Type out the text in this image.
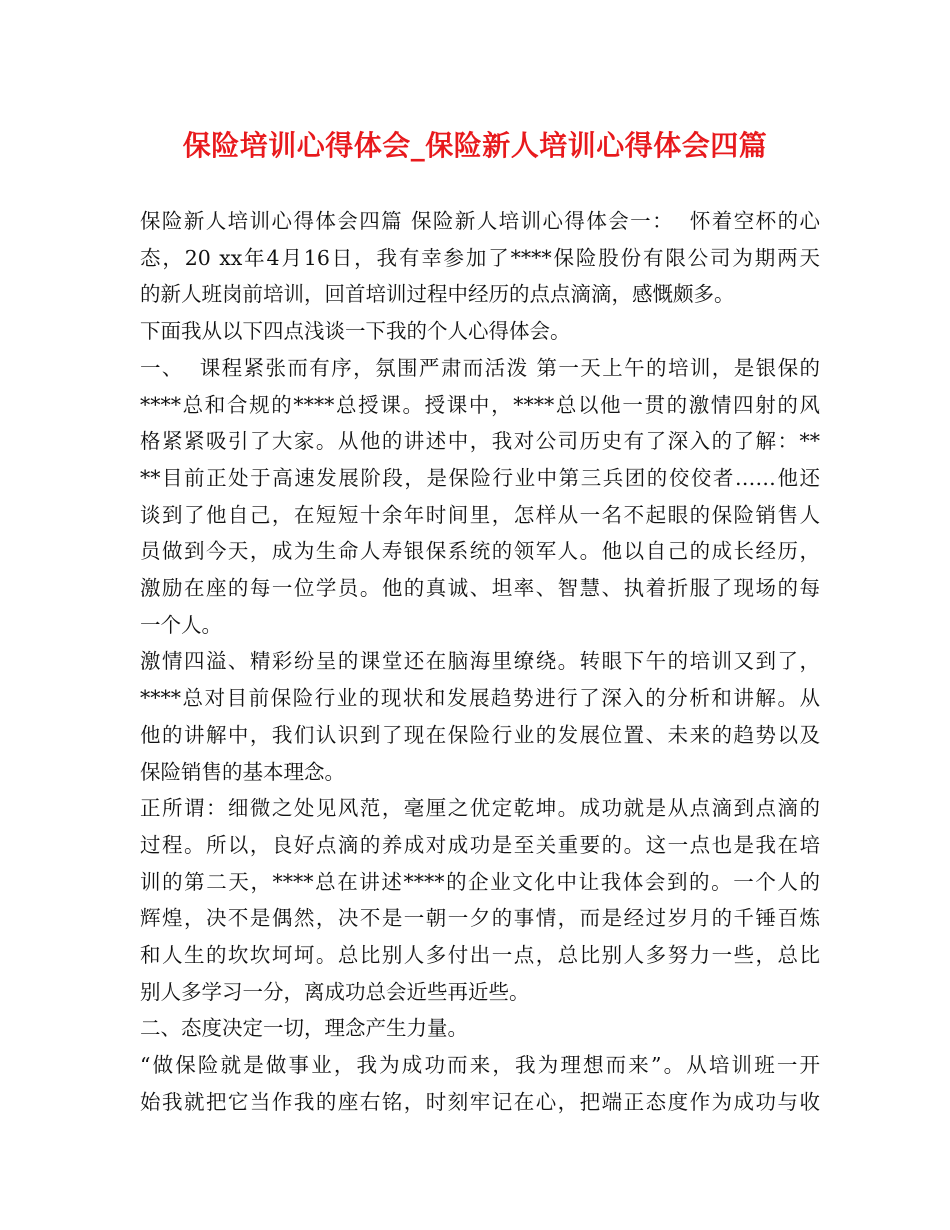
保险培训心得体会_保险新人培训心得体会四篇
保险新人培训心得体会四篇 保险新人培训心得体会一：  怀着空杯的心
态，20 xx年4月16日，我有幸参加了****保险股份有限公司为期两天
的新人班岗前培训，回首培训过程中经历的点点滴滴，感慨颇多。
下面我从以下四点浅谈一下我的个人心得体会。
一、  课程紧张而有序，氛围严肃而活泼 第一天上午的培训，是银保的
****总和合规的****总授课。授课中，****总以他一贯的激情四射的风
格紧紧吸引了大家。从他的讲述中，我对公司历史有了深入的了解：**
**目前正处于高速发展阶段，是保险行业中第三兵团的佼佼者……他还
谈到了他自己，在短短十余年时间里，怎样从一名不起眼的保险销售人
员做到今天，成为生命人寿银保系统的领军人。他以自己的成长经历，
激励在座的每一位学员。他的真诚、坦率、智慧、执着折服了现场的每
一个人。
激情四溢、精彩纷呈的课堂还在脑海里缭绕。转眼下午的培训又到了，
****总对目前保险行业的现状和发展趋势进行了深入的分析和讲解。从
他的讲解中，我们认识到了现在保险行业的发展位置、未来的趋势以及
保险销售的基本理念。
正所谓：细微之处见风范，毫厘之优定乾坤。成功就是从点滴到点滴的
过程。所以，良好点滴的养成对成功是至关重要的。这一点也是我在培
训的第二天，****总在讲述****的企业文化中让我体会到的。一个人的
辉煌，决不是偶然，决不是一朝一夕的事情，而是经过岁月的千锤百炼
和人生的坎坎坷坷。总比别人多付出一点，总比别人多努力一些，总比
别人多学习一分，离成功总会近些再近些。
二、态度决定一切，理念产生力量。
“做保险就是做事业，我为成功而来，我为理想而来”。从培训班一开
始我就把它当作我的座右铭，时刻牢记在心，把端正态度作为成功与收
